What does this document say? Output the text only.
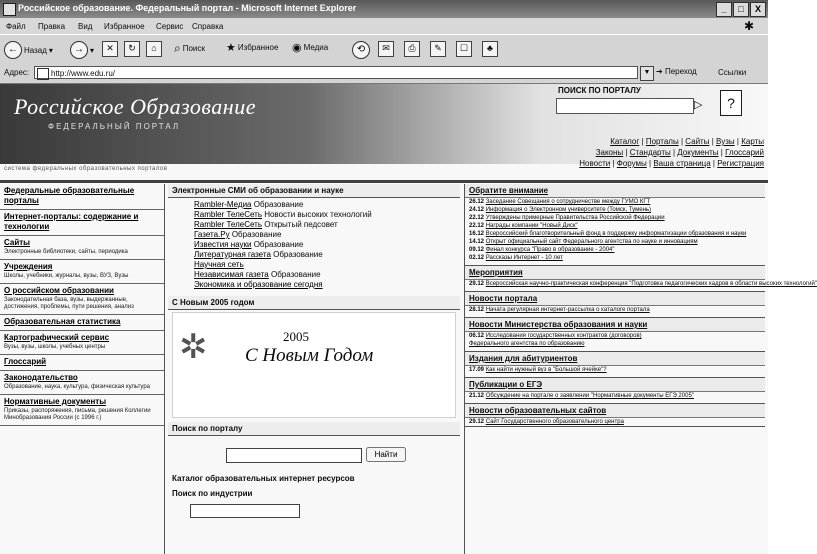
Российское образование. Федеральный портал - Microsoft Internet Explorer	_	□	X
Файл Правка Вид Избранное Сервис Справка	✱
← Назад ▾	→ ▾	✕	↻	⌂	⌕ Поиск ★ Избранное ◉ Медиа	⟲	✉	⎙	✎	☐	♣
Адрес:	http://www.edu.ru/	▼ ➔ Переход	Ссылки
Российское Образование
ФЕДЕРАЛЬНЫЙ ПОРТАЛ
ПОИСК ПО ПОРТАЛУ
▷	?
Каталог | Порталы | Сайты | Вузы | Карты
Законы | Стандарты | Документы | Глоссарий
Новости | Форумы | Ваша страница | Регистрация
система федеральных образовательных порталов
Федеральные образовательные порталы
Интернет-порталы: содержание и технологии
Сайты
Электронные библиотеки, сайты, периодика
Учреждения
Школы, учебники, журналы, вузы, ВУЗ, Вузы
О российском образовании
Законодательная база, вузы, выдержанные, достижения, проблемы, пути решения, анализ
Образовательная статистика
Картографический сервис
Вузы, вузы, школы, учебных центры
Глоссарий
Законодательство
Образование, наука, культура, физическая культура
Нормативные документы
Приказы, распоряжения, письма, решения Коллегии Минобразования России (с 1996 г.)
Электронные СМИ об образовании и науке
Rambler-Медиа Образование
Rambler ТелеСеть Новости высоких технологий
Rambler ТелеСеть Открытый педсовет
Газета.Ру Образование
Известия науки Образование
Литературная газета Образование
Научная сеть
Независимая газета Образование
Экономика и образование сегодня
С Новым 2005 годом
✲	2005
С Новым Годом
Поиск по порталу
Найти
Каталог образовательных интернет ресурсов
Поиск по индустрии
Обратите внимание
26.12 Заседание Совещания о сотрудничестве между ГУМО КГТ
24.12 Информация о Электронном университете (Томск, Тумень)
22.12 Утверждены примерные Правительства Российской Федерации
22.12 Награды компании "Новый Диск"
16.12 Всероссийский благотворительный фонд в поддержку информатизации образования и науки
14.12 Открыт официальный сайт Федерального агентства по науке и инновациям
09.12 Финал конкурса "Право в образование - 2004"
02.12 Рассказы Интернет - 10 лет
Мероприятия
29.12 Всероссийская научно-практическая конференция "Подготовка педагогических кадров в области высоких технологий"
Новости портала
28.12 Начата регулярная интернет-рассылка о каталоге портала
Новости Министерства образования и науки
06.12 Исследования государственных контрактов (договоров)
Федерального агентства по образованию
Издания для абитуриентов
17.09 Как найти нужный вуз в "Большой ячейке"?
Публикации о ЕГЭ
21.12 Обсуждение на портале о заявлении "Нормативные документы ЕГЭ 2005"
Новости образовательных сайтов
29.12 Сайт Государственного образовательного центра
